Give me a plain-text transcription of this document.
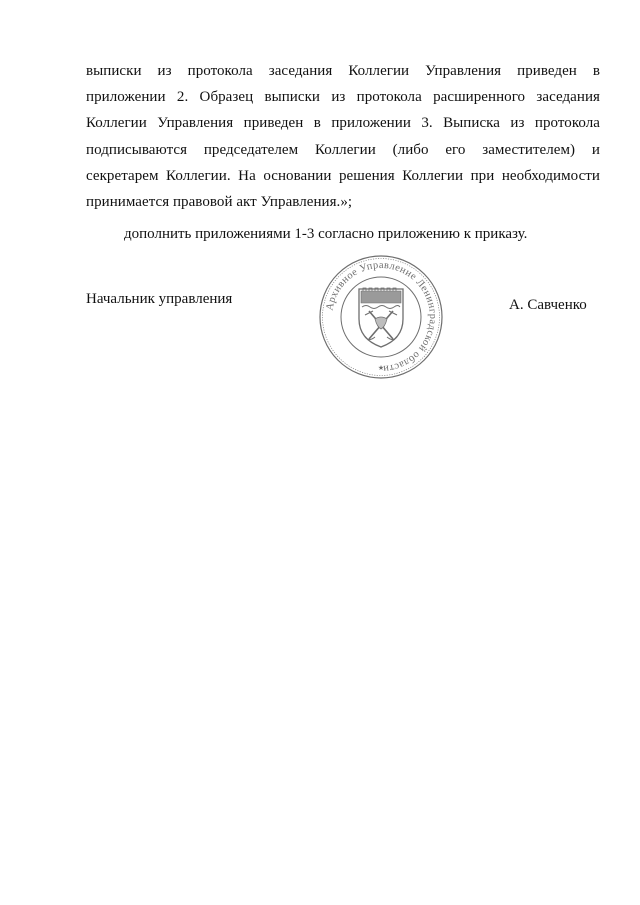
выписки из протокола заседания Коллегии Управления приведен в
приложении 2. Образец выписки из протокола расширенного заседания
Коллегии Управления приведен в приложении 3. Выписка из протокола
подписываются председателем Коллегии (либо его заместителем) и
секретарем Коллегии. На основании решения Коллегии при необходимости
принимается правовой акт Управления.»;
дополнить приложениями 1-3 согласно приложению к приказу.
Начальник управления	Архивное Управление Ленинградской области
★
А. Савченко
